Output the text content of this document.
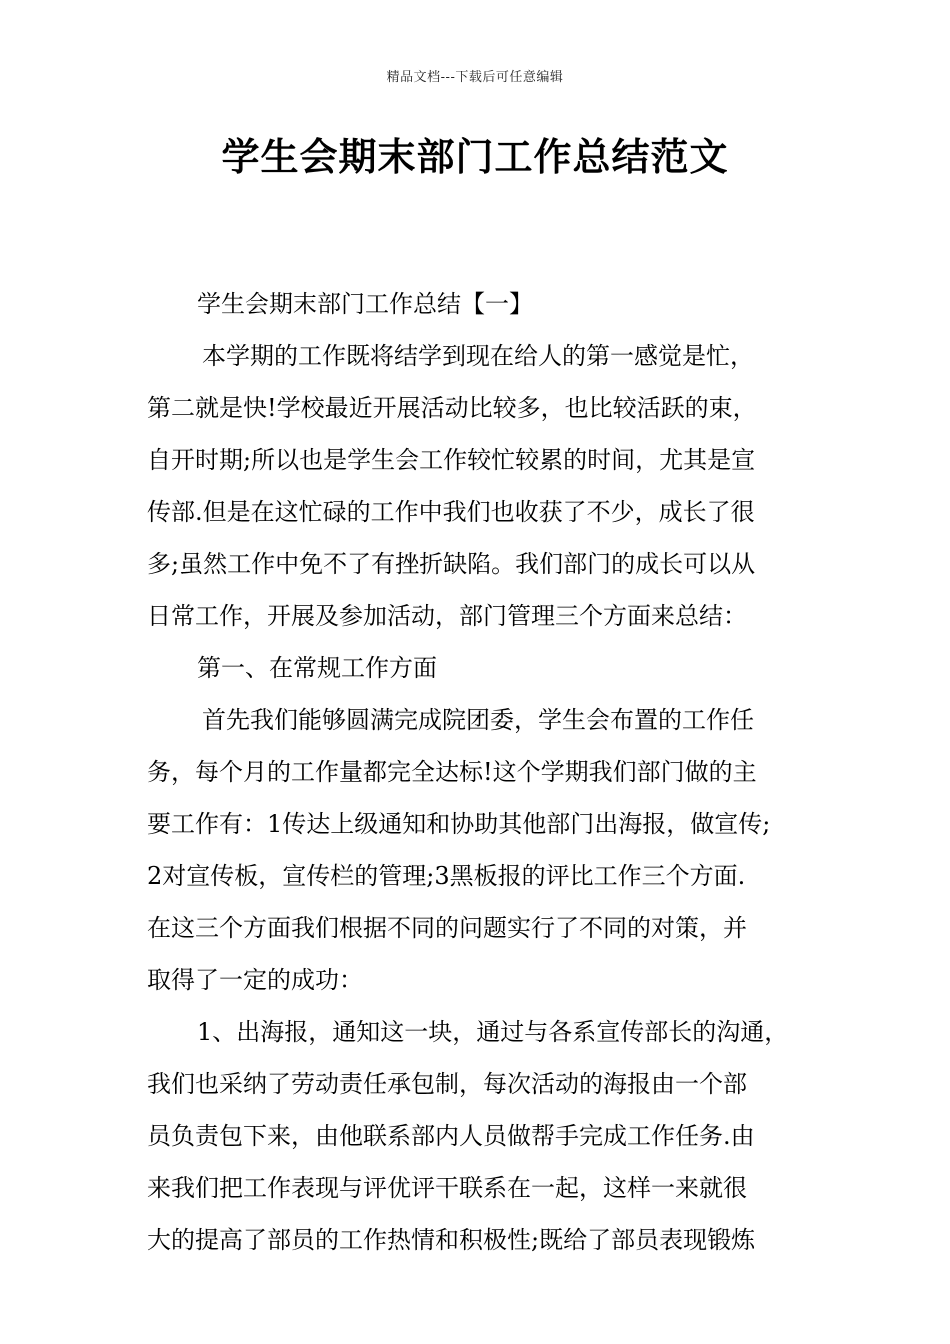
精品文档---下载后可任意编辑
学生会期末部门工作总结范文
学生会期末部门工作总结【一】
本学期的工作既将结学到现在给人的第一感觉是忙，
第二就是快!学校最近开展活动比较多，也比较活跃的束，
自开时期;所以也是学生会工作较忙较累的时间，尤其是宣
传部.但是在这忙碌的工作中我们也收获了不少，成长了很
多;虽然工作中免不了有挫折缺陷。我们部门的成长可以从
日常工作，开展及参加活动，部门管理三个方面来总结：
第一、在常规工作方面
首先我们能够圆满完成院团委，学生会布置的工作任
务，每个月的工作量都完全达标!这个学期我们部门做的主
要工作有：1传达上级通知和协助其他部门出海报，做宣传;
2对宣传板，宣传栏的管理;3黑板报的评比工作三个方面.
在这三个方面我们根据不同的问题实行了不同的对策，并
取得了一定的成功：
1、出海报，通知这一块，通过与各系宣传部长的沟通，
我们也采纳了劳动责任承包制，每次活动的海报由一个部
员负责包下来，由他联系部内人员做帮手完成工作任务.由
来我们把工作表现与评优评干联系在一起，这样一来就很
大的提高了部员的工作热情和积极性;既给了部员表现锻炼
